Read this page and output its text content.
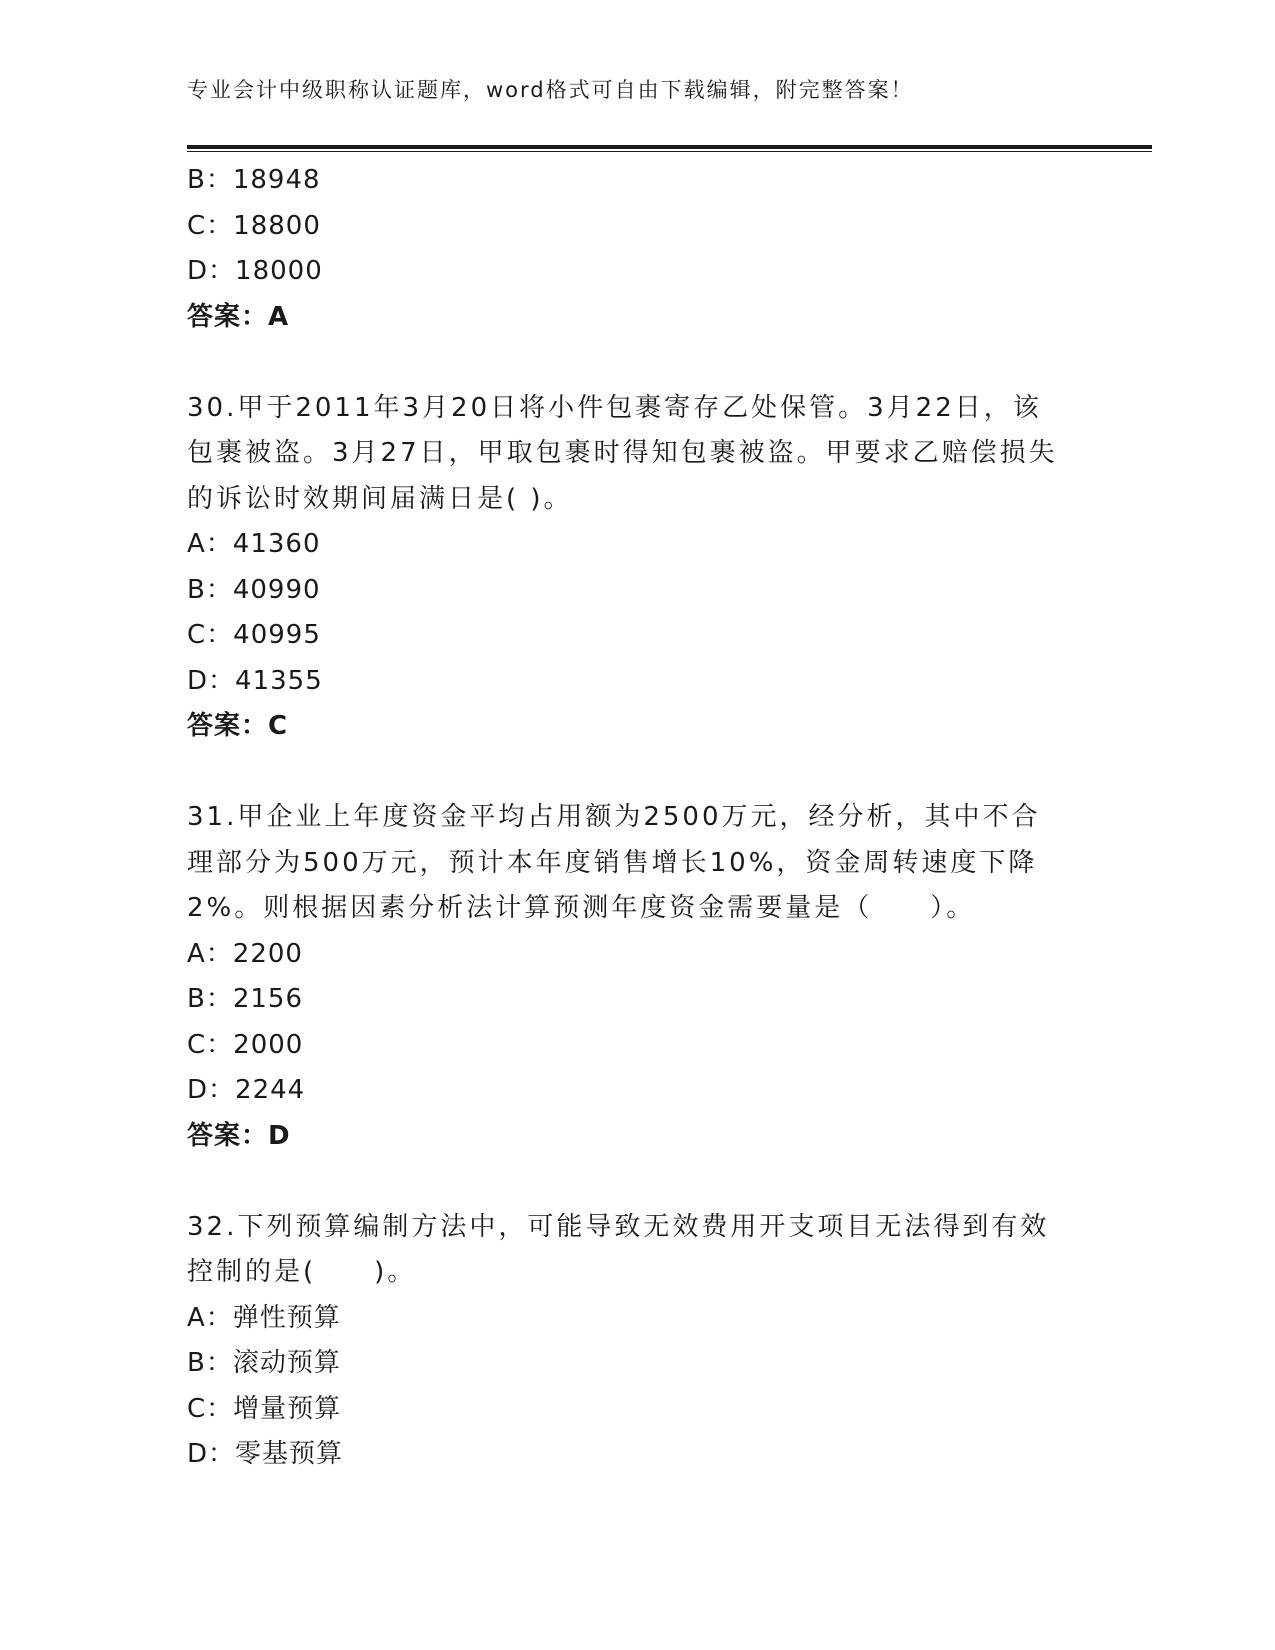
专业会计中级职称认证题库，word格式可自由下载编辑，附完整答案！
B：18948
C：18800
D：18000
答案：A
30.甲于2011年3月20日将小件包裹寄存乙处保管。3月22日，该包裹被盗。3月27日，甲取包裹时得知包裹被盗。甲要求乙赔偿损失的诉讼时效期间届满日是( )。
A：41360
B：40990
C：40995
D：41355
答案：C
31.甲企业上年度资金平均占用额为2500万元，经分析，其中不合理部分为500万元，预计本年度销售增长10%，资金周转速度下降2%。则根据因素分析法计算预测年度资金需要量是（　　）。
A：2200
B：2156
C：2000
D：2244
答案：D
32.下列预算编制方法中，可能导致无效费用开支项目无法得到有效控制的是(　　)。
A：弹性预算
B：滚动预算
C：增量预算
D：零基预算
